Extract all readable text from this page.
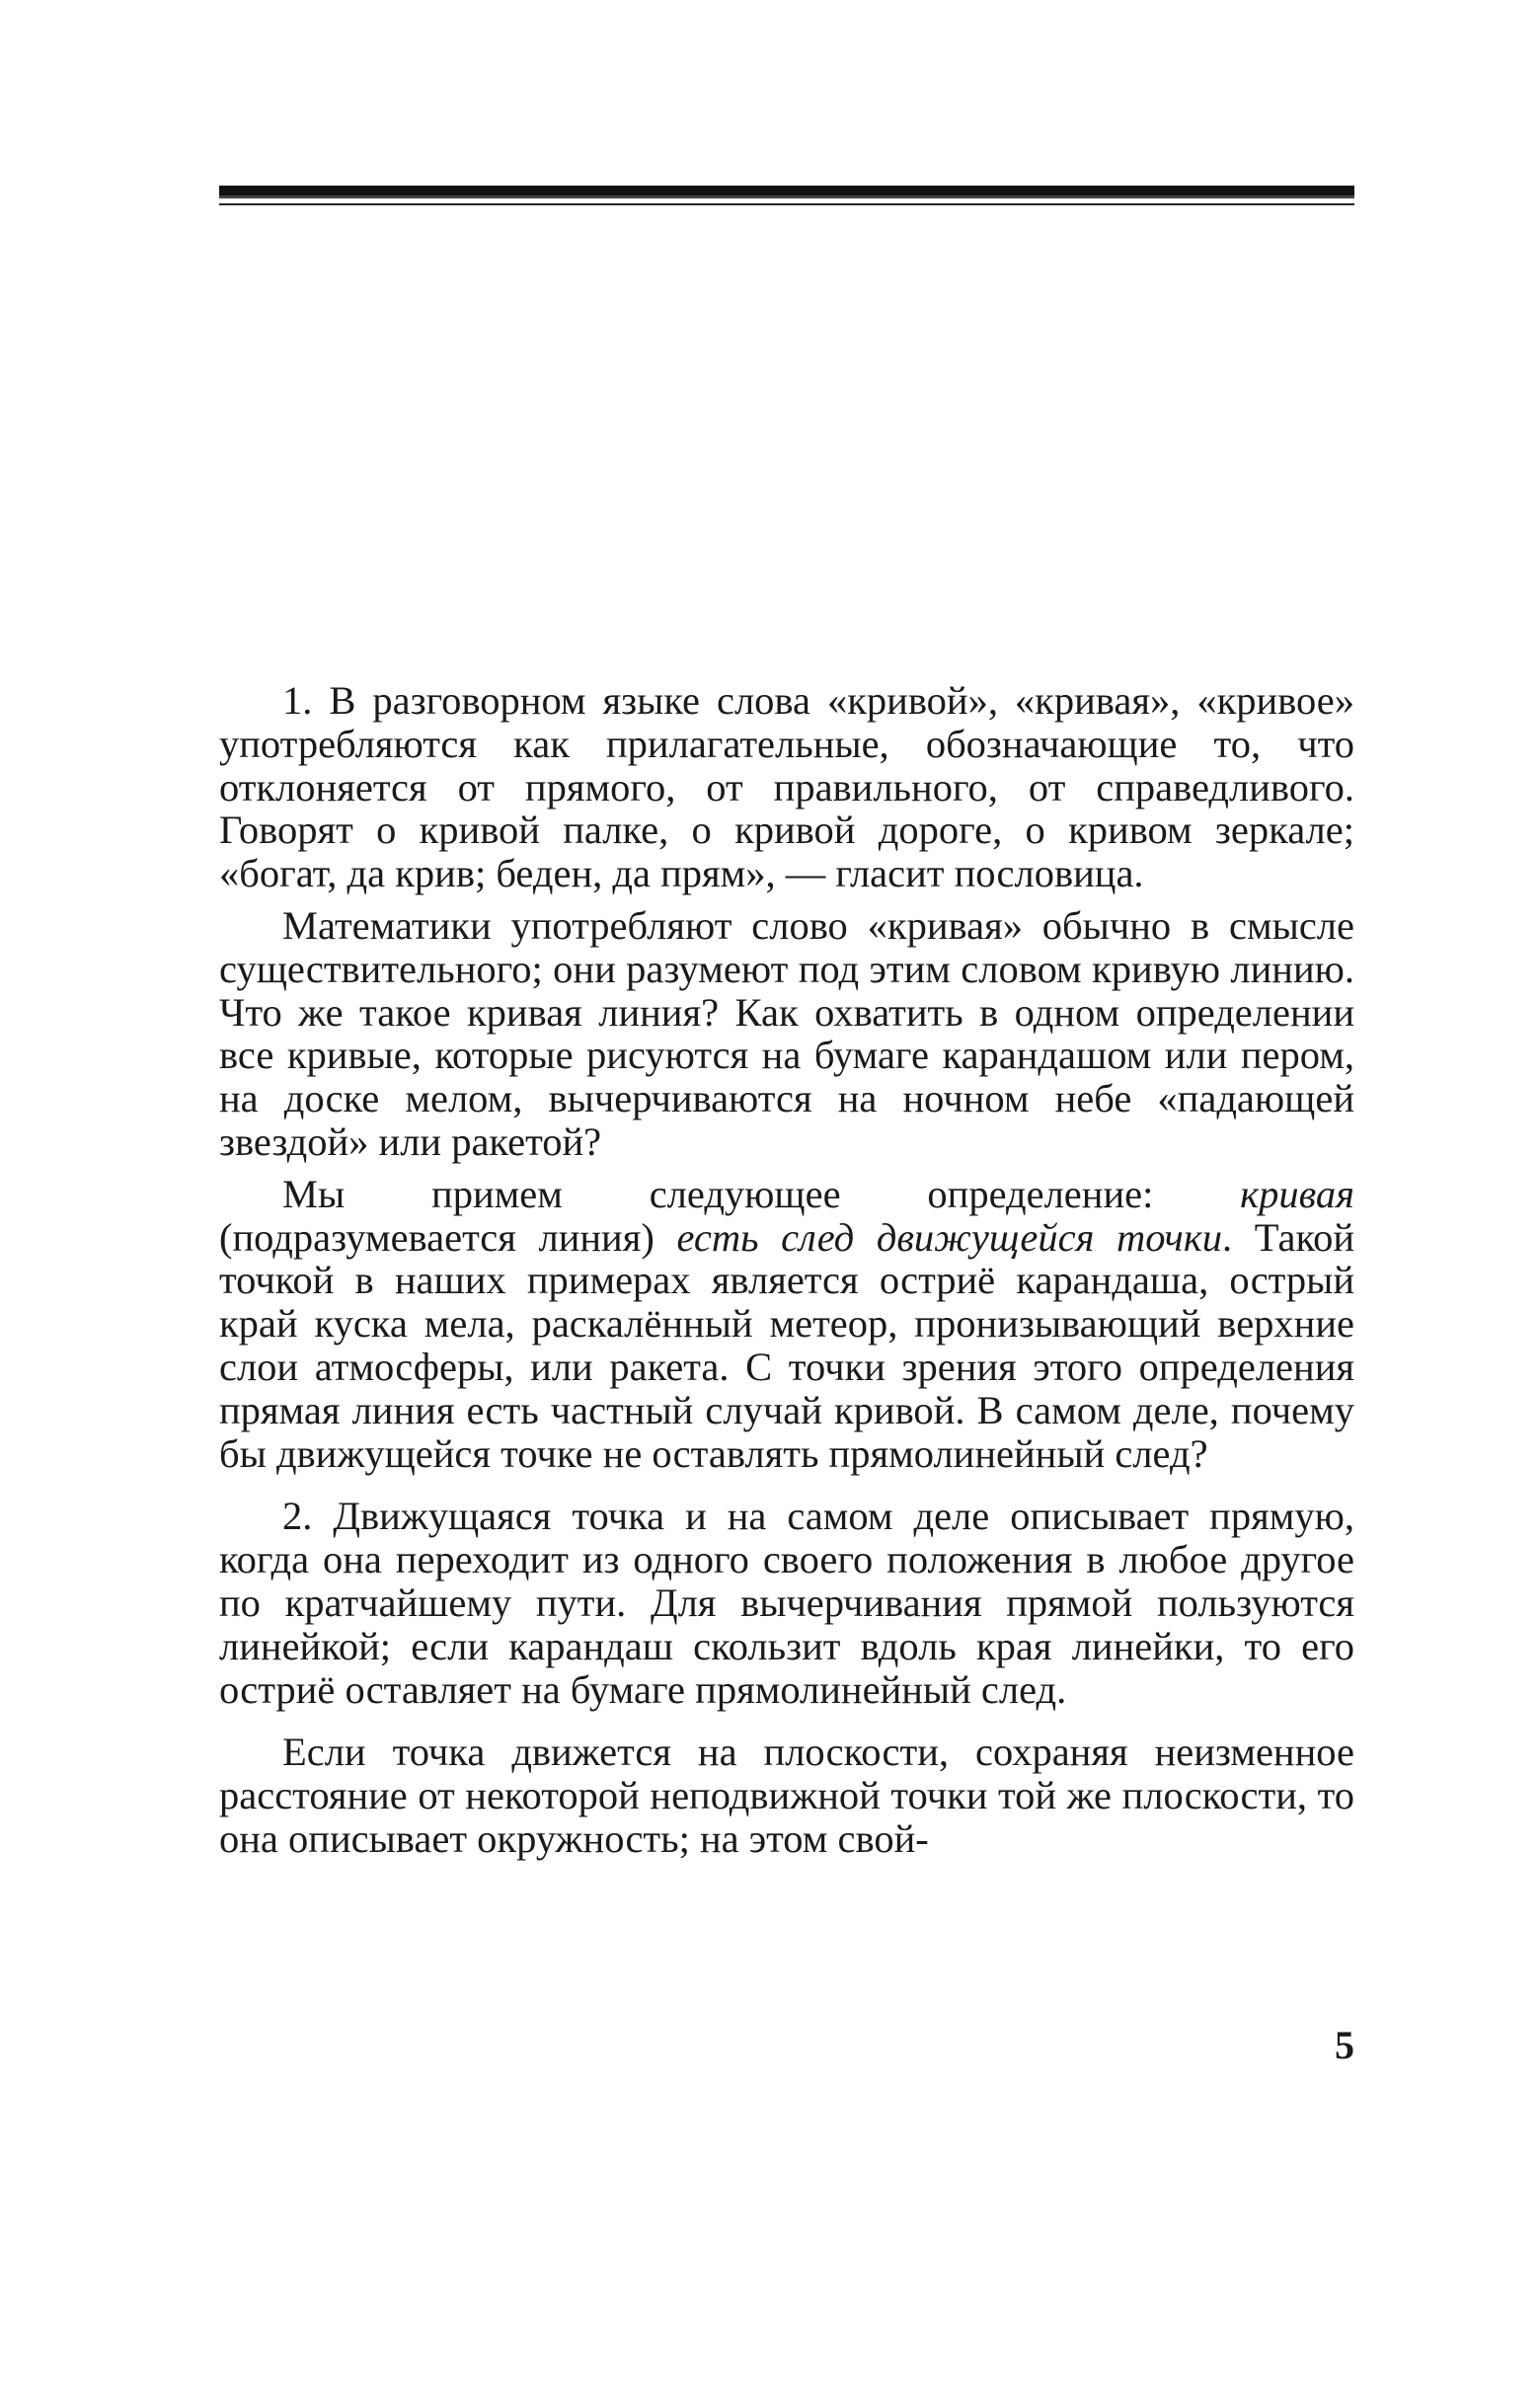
1. В разговорном языке слова «кривой», «кривая», «кривое» употребляются как прилагательные, обозначающие то, что отклоняется от прямого, от правильного, от справедливого. Говорят о кривой палке, о кривой дороге, о кривом зеркале; «богат, да крив; беден, да прям», — гласит пословица.

Математики употребляют слово «кривая» обычно в смысле существительного; они разумеют под этим словом кривую линию. Что же такое кривая линия? Как охватить в одном определении все кривые, которые рисуются на бумаге карандашом или пером, на доске мелом, вычерчиваются на ночном небе «падающей звездой» или ракетой?

Мы примем следующее определение: кривая (подразумевается линия) есть след движущейся точки. Такой точкой в наших примерах является остриё карандаша, острый край куска мела, раскалённый метеор, пронизывающий верхние слои атмосферы, или ракета. С точки зрения этого определения прямая линия есть частный случай кривой. В самом деле, почему бы движущейся точке не оставлять прямолинейный след?

2. Движущаяся точка и на самом деле описывает прямую, когда она переходит из одного своего положения в любое другое по кратчайшему пути. Для вычерчивания прямой пользуются линейкой; если карандаш скользит вдоль края линейки, то его остриё оставляет на бумаге прямолинейный след.

Если точка движется на плоскости, сохраняя неизменное расстояние от некоторой неподвижной точки той же плоскости, то она описывает окружность; на этом свой-

5
